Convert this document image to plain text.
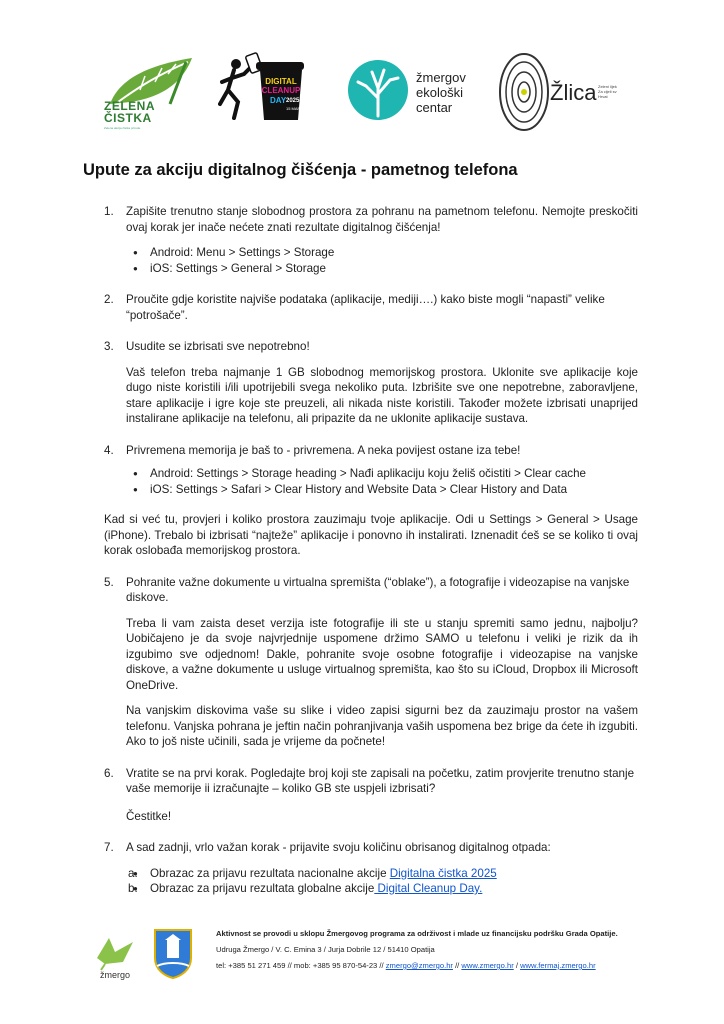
ZELENA
ČISTKA
Zelena akcija čistka prirode
DIGITAL
CLEANUP
DAY 2025
15 MAR
žmergov
ekološki
centar
Žlica Zeleni lijek Za cijeli sv Hrvat
Upute za akciju digitalnog čišćenja - pametnog telefona
1. Zapišite trenutno stanje slobodnog prostora za pohranu na pametnom telefonu. Nemojte preskočiti ovaj korak jer inače nećete znati rezultate digitalnog čišćenja!
● Android: Menu > Settings > Storage
● iOS: Settings > General > Storage
2. Proučite gdje koristite najviše podataka (aplikacije, mediji….) kako biste mogli “napasti” velike “potrošače”.
3. Usudite se izbrisati sve nepotrebno!
Vaš telefon treba najmanje 1 GB slobodnog memorijskog prostora. Uklonite sve aplikacije koje dugo niste koristili i/ili upotrijebili svega nekoliko puta. Izbrišite sve one nepotrebne, zaboravljene, stare aplikacije i igre koje ste preuzeli, ali nikada niste koristili. Također možete izbrisati unaprijed instalirane aplikacije na telefonu, ali pripazite da ne uklonite aplikacije sustava.
4. Privremena memorija je baš to - privremena. A neka povijest ostane iza tebe!
● Android: Settings > Storage heading > Nađi aplikaciju koju želiš očistiti > Clear cache
● iOS: Settings > Safari > Clear History and Website Data > Clear History and Data
Kad si već tu, provjeri i koliko prostora zauzimaju tvoje aplikacije. Odi u Settings > General > Usage (iPhone). Trebalo bi izbrisati “najteže” aplikacije i ponovno ih instalirati. Iznenadit ćeš se se koliko ti ovaj korak oslobađa memorijskog prostora.
5. Pohranite važne dokumente u virtualna spremišta (“oblake”), a fotografije i videozapise na vanjske diskove.
Treba li vam zaista deset verzija iste fotografije ili ste u stanju spremiti samo jednu, najbolju? Uobičajeno je da svoje najvrjednije uspomene držimo SAMO u telefonu i veliki je rizik da ih izgubimo sve odjednom! Dakle, pohranite svoje osobne fotografije i videozapise na vanjske diskove, a važne dokumente u usluge virtualnog spremišta, kao što su iCloud, Dropbox ili Microsoft OneDrive.
Na vanjskim diskovima vaše su slike i video zapisi sigurni bez da zauzimaju prostor na vašem telefonu. Vanjska pohrana je jeftin način pohranjivanja vaših uspomena bez brige da ćete ih izgubiti. Ako to još niste učinili, sada je vrijeme da počnete!
6. Vratite se na prvi korak. Pogledajte broj koji ste zapisali na početku, zatim provjerite trenutno stanje vaše memorije ii izračunajte – koliko GB ste uspjeli izbrisati?
Čestitke!
7. A sad zadnji, vrlo važan korak - prijavite svoju količinu obrisanog digitalnog otpada:
● a. Obrazac za prijavu rezultata nacionalne akcije Digitalna čistka 2025
● b. Obrazac za prijavu rezultata globalne akcije Digital Cleanup Day.
žmergo
Aktivnost se provodi u sklopu Žmergovog programa za održivost i mlade uz financijsku podršku Grada Opatije.
Udruga Žmergo / V. C. Emina 3 / Jurja Dobrile 12 / 51410 Opatija
tel: +385 51 271 459 // mob: +385 95 870-54-23 // zmergo@zmergo.hr // www.zmergo.hr / www.fermaj.zmergo.hr
